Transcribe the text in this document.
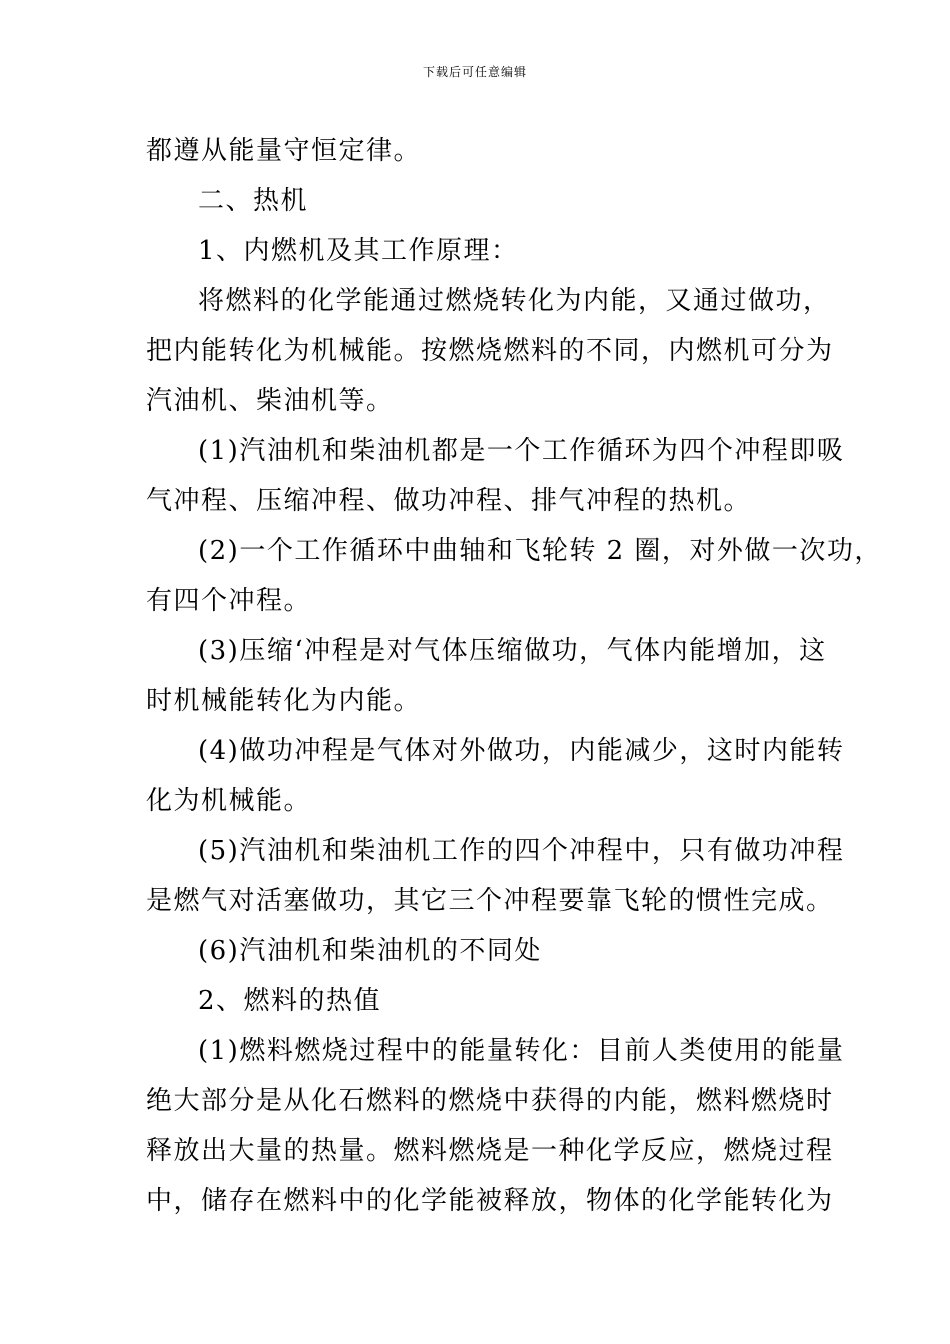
下载后可任意编辑

都遵从能量守恒定律。

二、热机

1、内燃机及其工作原理：

将燃料的化学能通过燃烧转化为内能，又通过做功，

把内能转化为机械能。按燃烧燃料的不同，内燃机可分为

汽油机、柴油机等。

(1)汽油机和柴油机都是一个工作循环为四个冲程即吸

气冲程、压缩冲程、做功冲程、排气冲程的热机。

(2)一个工作循环中曲轴和飞轮转 2 圈，对外做一次功，

有四个冲程。

(3)压缩‘冲程是对气体压缩做功，气体内能增加，这

时机械能转化为内能。

(4)做功冲程是气体对外做功，内能减少，这时内能转

化为机械能。

(5)汽油机和柴油机工作的四个冲程中，只有做功冲程

是燃气对活塞做功，其它三个冲程要靠飞轮的惯性完成。

(6)汽油机和柴油机的不同处

2、燃料的热值

(1)燃料燃烧过程中的能量转化：目前人类使用的能量

绝大部分是从化石燃料的燃烧中获得的内能，燃料燃烧时

释放出大量的热量。燃料燃烧是一种化学反应，燃烧过程

中，储存在燃料中的化学能被释放，物体的化学能转化为
